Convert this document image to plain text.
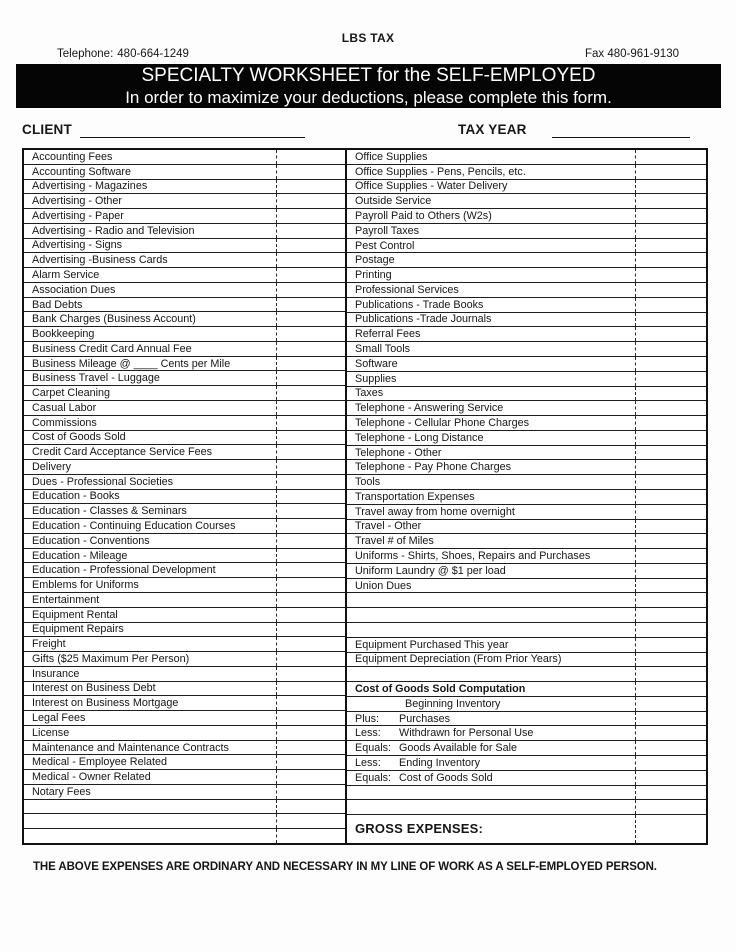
LBS TAX
Telephone: 480-664-1249	Fax 480-961-9130
SPECIALTY WORKSHEET for the SELF-EMPLOYED
In order to maximize your deductions, please complete this form.
CLIENT	TAX YEAR
Accounting Fees
Accounting Software
Advertising - Magazines
Advertising - Other
Advertising - Paper
Advertising - Radio and Television
Advertising - Signs
Advertising -Business Cards
Alarm Service
Association Dues
Bad Debts
Bank Charges (Business Account)
Bookkeeping
Business Credit Card Annual Fee
Business Mileage @ ____ Cents per Mile
Business Travel - Luggage
Carpet Cleaning
Casual Labor
Commissions
Cost of Goods Sold
Credit Card Acceptance Service Fees
Delivery
Dues - Professional Societies
Education - Books
Education - Classes & Seminars
Education - Continuing Education Courses
Education - Conventions
Education - Mileage
Education - Professional Development
Emblems for Uniforms
Entertainment
Equipment Rental
Equipment Repairs
Freight
Gifts ($25 Maximum Per Person)
Insurance
Interest on Business Debt
Interest on Business Mortgage
Legal Fees
License
Maintenance and Maintenance Contracts
Medical - Employee Related
Medical - Owner Related
Notary Fees
Office Supplies
Office Supplies - Pens, Pencils, etc.
Office Supplies - Water Delivery
Outside Service
Payroll Paid to Others (W2s)
Payroll Taxes
Pest Control
Postage
Printing
Professional Services
Publications - Trade Books
Publications -Trade Journals
Referral Fees
Small Tools
Software
Supplies
Taxes
Telephone - Answering Service
Telephone - Cellular Phone Charges
Telephone - Long Distance
Telephone - Other
Telephone - Pay Phone Charges
Tools
Transportation Expenses
Travel away from home overnight
Travel - Other
Travel # of Miles
Uniforms - Shirts, Shoes, Repairs and Purchases
Uniform Laundry @ $1 per load
Union Dues
Equipment Purchased This year
Equipment Depreciation (From Prior Years)
Cost of Goods Sold Computation
Beginning Inventory
Plus:	Purchases
Less:	Withdrawn for Personal Use
Equals: Goods Available for Sale
Less:	Ending Inventory
Equals: Cost of Goods Sold
GROSS EXPENSES:
THE ABOVE EXPENSES ARE ORDINARY AND NECESSARY IN MY LINE OF WORK AS A SELF-EMPLOYED PERSON.
